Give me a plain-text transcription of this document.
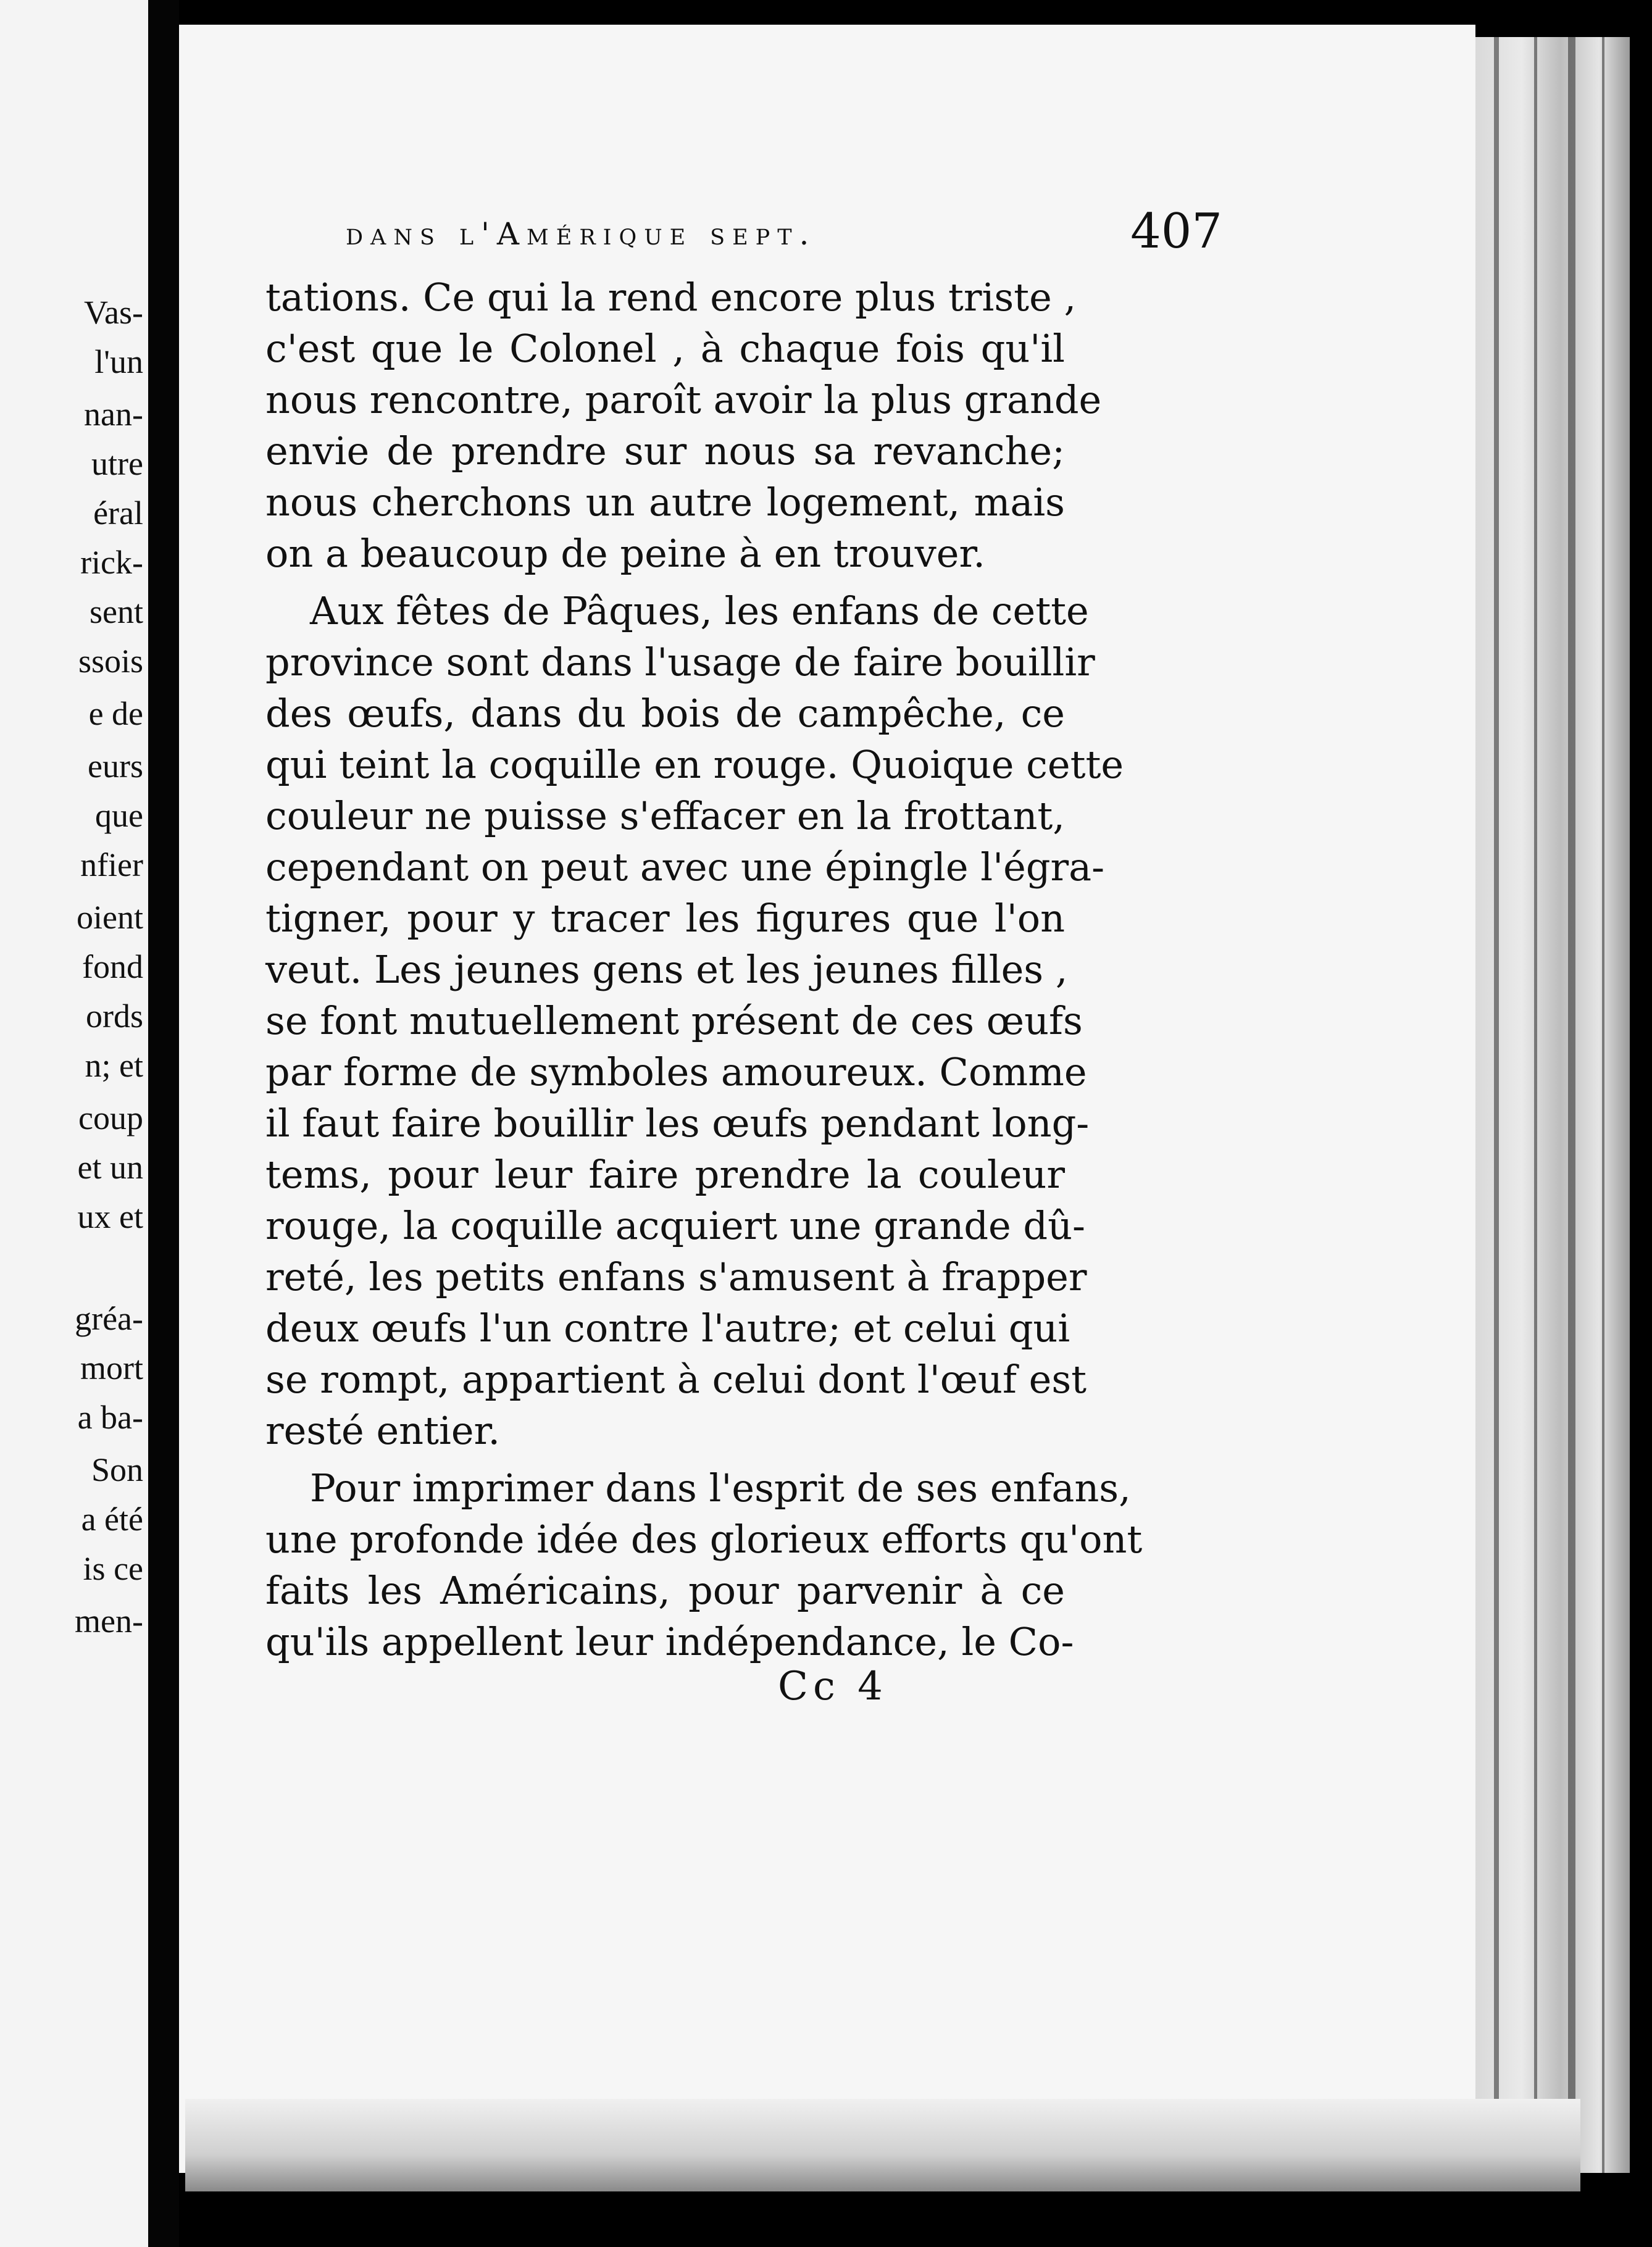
Vas-
l'un
nan-
utre
éral
rick-
sent
ssois
e de
eurs
que
nfier
oient
fond
ords
n; et
coup
et un
ux et
gréa-
mort
a ba-
Son
a été
is ce
men-
dans l'Amérique sept.	407
tations. Ce qui la rend encore plus triste ,
c'est que le Colonel , à chaque fois qu'il
nous rencontre, paroît avoir la plus grande
envie de prendre sur nous sa revanche;
nous cherchons un autre logement, mais
on a beaucoup de peine à en trouver.
Aux fêtes de Pâques, les enfans de cette
province sont dans l'usage de faire bouillir
des œufs, dans du bois de campêche, ce
qui teint la coquille en rouge. Quoique cette
couleur ne puisse s'effacer en la frottant,
cependant on peut avec une épingle l'égra-
tigner, pour y tracer les figures que l'on
veut. Les jeunes gens et les jeunes filles ,
se font mutuellement présent de ces œufs
par forme de symboles amoureux. Comme
il faut faire bouillir les œufs pendant long-
tems, pour leur faire prendre la couleur
rouge, la coquille acquiert une grande dû-
reté, les petits enfans s'amusent à frapper
deux œufs l'un contre l'autre; et celui qui
se rompt, appartient à celui dont l'œuf est
resté entier.
Pour imprimer dans l'esprit de ses enfans,
une profonde idée des glorieux efforts qu'ont
faits les Américains, pour parvenir à ce
qu'ils appellent leur indépendance, le Co-
Cc 4
